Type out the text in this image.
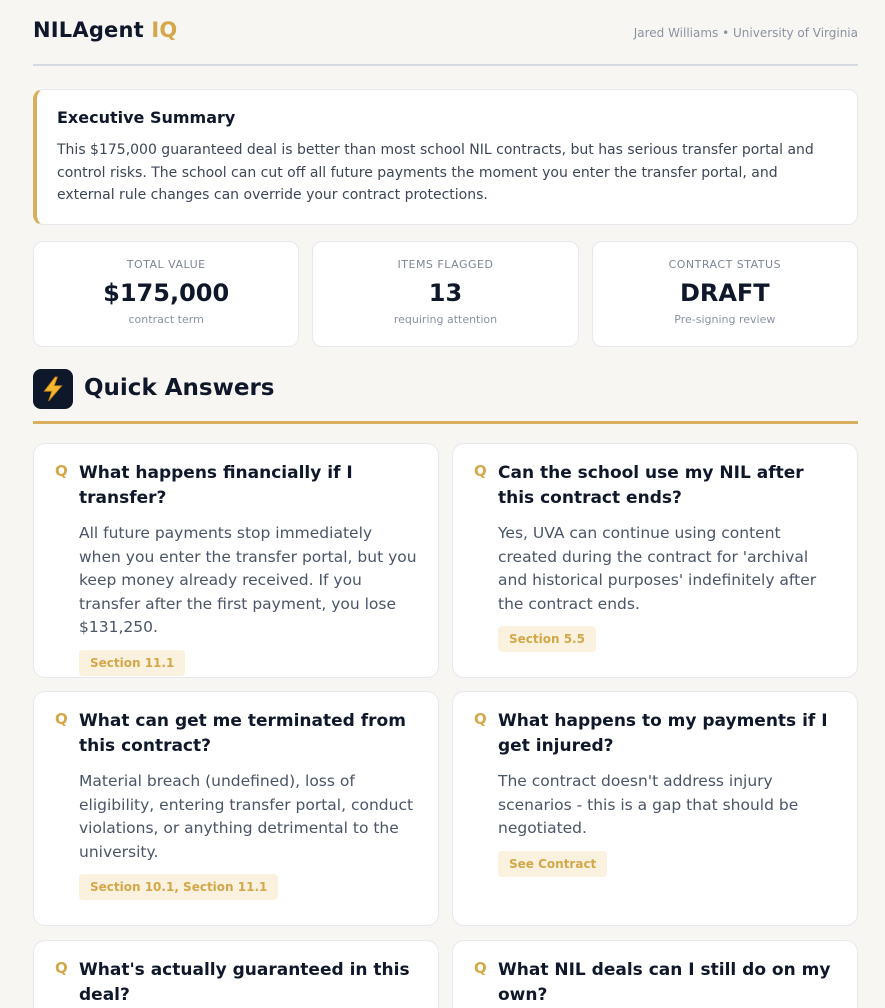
NILAgent IQ	Jared Williams • University of Virginia
Executive Summary
This $175,000 guaranteed deal is better than most school NIL contracts, but has serious transfer portal and control risks. The school can cut off all future payments the moment you enter the transfer portal, and external rule changes can override your contract protections.
TOTAL VALUE
$175,000
contract term
ITEMS FLAGGED
13
requiring attention
CONTRACT STATUS
DRAFT
Pre-signing review
Quick Answers
Q What happens financially if I transfer?
All future payments stop immediately when you enter the transfer portal, but you keep money already received. If you transfer after the first payment, you lose $131,250.
Section 11.1
Q Can the school use my NIL after this contract ends?
Yes, UVA can continue using content created during the contract for 'archival and historical purposes' indefinitely after the contract ends.
Section 5.5
Q What can get me terminated from this contract?
Material breach (undefined), loss of eligibility, entering transfer portal, conduct violations, or anything detrimental to the university.
Section 10.1, Section 11.1
Q What happens to my payments if I get injured?
The contract doesn't address injury scenarios - this is a gap that should be negotiated.
See Contract
Q What's actually guaranteed in this deal?
Q What NIL deals can I still do on my own?
